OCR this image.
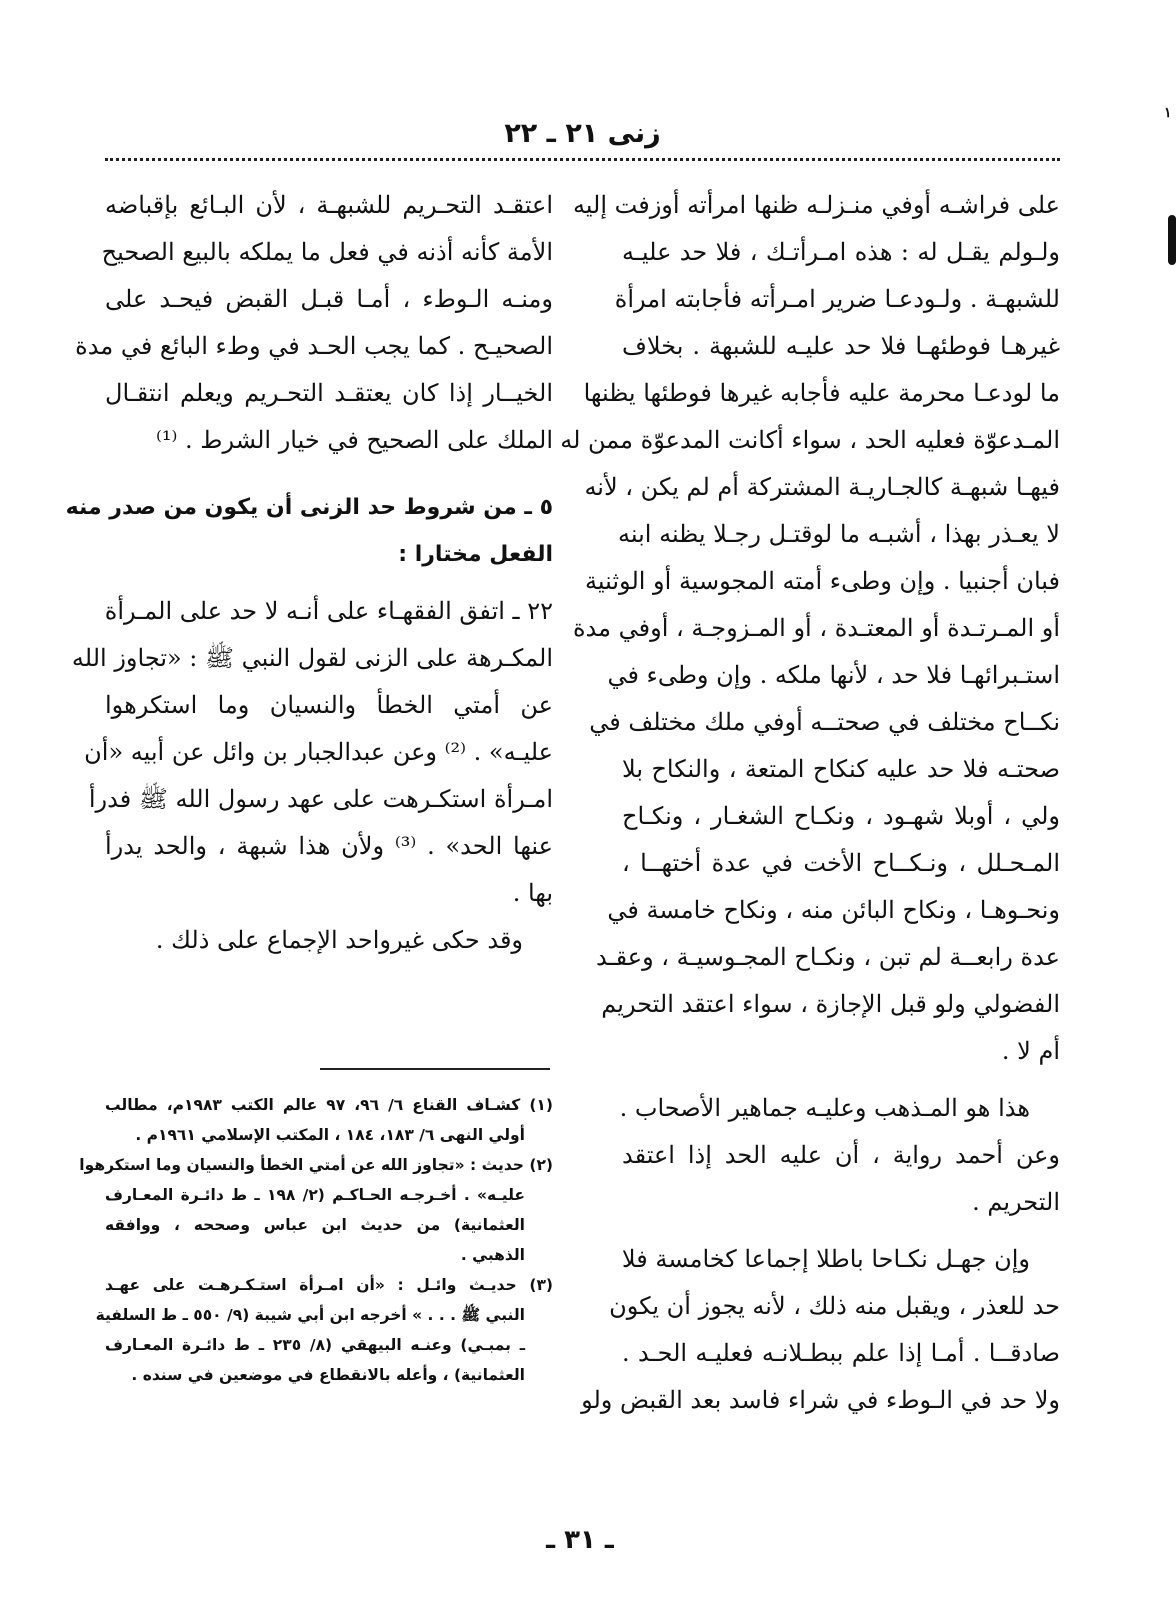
١
زنى ٢١ ـ ٢٢
على فراشـه أوفي منـزلـه ظنها امرأته أوزفت إليه
ولـولم يقـل له : هذه امـرأتـك ، فلا حد عليـه
للشبهـة . ولـودعـا ضرير امـرأته فأجابته امرأة
غيرهـا فوطئهـا فلا حد عليـه للشبهة . بخلاف
ما لودعـا محرمة عليه فأجابه غيرها فوطئها يظنها
المـدعوّة فعليه الحد ، سواء أكانت المدعوّة ممن له
فيهـا شبهـة كالجـاريـة المشتركة أم لم يكن ، لأنه
لا يعـذر بهذا ، أشبـه ما لوقتـل رجـلا يظنه ابنه
فبان أجنبيا . وإن وطىء أمته المجوسية أو الوثنية
أو المـرتـدة أو المعتـدة ، أو المـزوجـة ، أوفي مدة
استـبرائهـا فلا حد ، لأنها ملكه . وإن وطىء في
نكــاح مختلف في صحتــه أوفي ملك مختلف في
صحتـه فلا حد عليه كنكاح المتعة ، والنكاح بلا
ولي ، أوبلا شهـود ، ونكـاح الشغـار ، ونكـاح
المـحـلل ، ونـكــاح الأخت في عدة أختهــا ،
ونحـوهـا ، ونكاح البائن منه ، ونكاح خامسة في
عدة رابعــة لم تبن ، ونكـاح المجـوسيـة ، وعقـد
الفضولي ولو قبل الإجازة ، سواء اعتقد التحريم
أم لا .
هذا هو المـذهب وعليـه جماهير الأصحاب .
وعن أحمد رواية ، أن عليه الحد إذا اعتقد
التحريم .
وإن جهـل نكـاحا باطلا إجماعا كخامسة فلا
حد للعذر ، ويقبل منه ذلك ، لأنه يجوز أن يكون
صادقــا . أمـا إذا علم ببطـلانـه فعليـه الحـد .
ولا حد في الـوطء في شراء فاسد بعد القبض ولو
اعتقـد التحـريم للشبهـة ، لأن البـائع بإقباضه
الأمة كأنه أذنه في فعل ما يملكه بالبيع الصحيح
ومنـه الـوطء ، أمـا قبـل القبض فيحـد على
الصحيـح . كما يجب الحـد في وطء البائع في مدة
الخيــار إذا كان يعتقـد التحـريم ويعلم انتقـال
الملك على الصحيح في خيار الشرط . ⁽¹⁾
٥ ـ من شروط حد الزنى أن يكون من صدر منه
الفعل مختارا :
٢٢ ـ اتفق الفقهـاء على أنـه لا حد على المـرأة
المكـرهة على الزنى لقول النبي ﷺ : «تجاوز الله
عن أمتي الخطأ والنسيان وما استكرهوا
عليـه» . ⁽²⁾ وعن عبدالجبار بن وائل عن أبيه «أن
امـرأة استكـرهت على عهد رسول الله ﷺ فدرأ
عنها الحد» . ⁽³⁾ ولأن هذا شبهة ، والحد يدرأ
بها .
وقد حكى غيرواحد الإجماع على ذلك .
(١) كشـاف القناع ٦/ ٩٦، ٩٧ عالم الكتب ١٩٨٣م، مطالب
أولي النهى ٦/ ١٨٣، ١٨٤ ، المكتب الإسلامي ١٩٦١م .
(٢) حديث : «تجاوز الله عن أمتي الخطأ والنسيان وما استكرهوا
عليـه» . أخـرجـه الحـاكـم (٢/ ١٩٨ ـ ط دائـرة المعـارف
العثمانية) من حديث ابن عباس وصححه ، ووافقه
الذهبي .
(٣) حديـث وائـل : «أن امـرأة استـكـرهـت على عهـد
النبي ﷺ . . . » أخرجه ابن أبي شيبة (٩/ ٥٥٠ ـ ط السلفية
ـ بمبـي) وعنـه البيهقي (٨/ ٢٣٥ ـ ط دائـرة المعـارف
العثمانية) ، وأعله بالانقطاع في موضعين في سنده .
ـ ٣١ ـ
